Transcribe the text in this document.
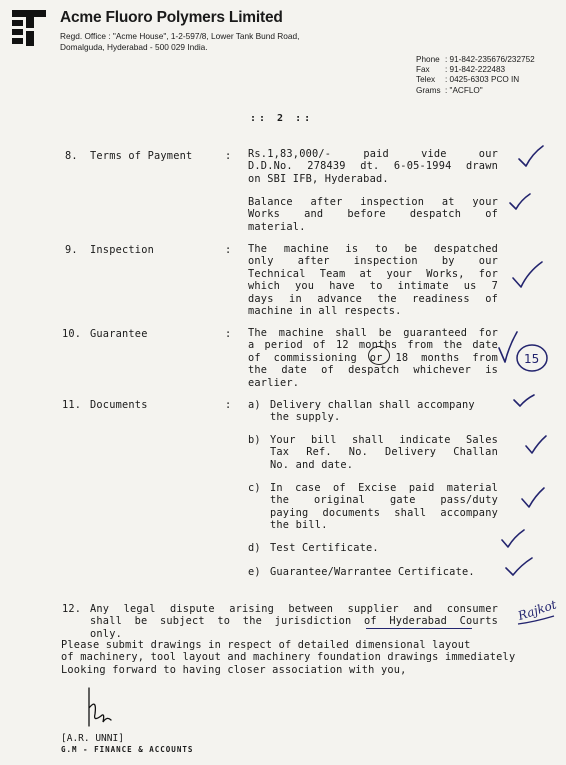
Acme Fluoro Polymers Limited
Regd. Office : "Acme House", 1-2-597/8, Lower Tank Bund Road,
Domalguda, Hyderabad - 500 029 India.
Phone : 91-842-235676/232752
Fax : 91-842-222483
Telex : 0425-6303 PCO IN
Grams : "ACFLO"
:: 2 ::
8. Terms of Payment	: Rs.1,83,000/- paid vide our
D.D.No. 278439 dt. 6-05-1994 drawn
on SBI IFB, Hyderabad.
Balance after inspection at your
Works and before despatch of
material.
9. Inspection	: The machine is to be despatched
only after inspection by our
Technical Team at your Works, for
which you have to intimate us 7
days in advance the readiness of
machine in all respects.
10. Guarantee	: The machine shall be guaranteed for
a period of 12 months from the date
of commissioning or 18 months from
the date of despatch whichever is
earlier.
15
11. Documents	: a) Delivery challan shall accompany
the supply.
b) Your bill shall indicate Sales
Tax Ref. No. Delivery Challan
No. and date.
c) In case of Excise paid material
the original gate pass/duty
paying documents shall accompany
the bill.
d) Test Certificate.
e) Guarantee/Warrantee Certificate.
12. Any legal dispute arising between supplier and consumer
shall be subject to the jurisdiction of Hyderabad Courts
only.
Rajkot
Please submit drawings in respect of detailed dimensional layout
of machinery, tool layout and machinery foundation drawings immediately
Looking forward to having closer association with you,
[A.R. UNNI]
G.M - FINANCE & ACCOUNTS
